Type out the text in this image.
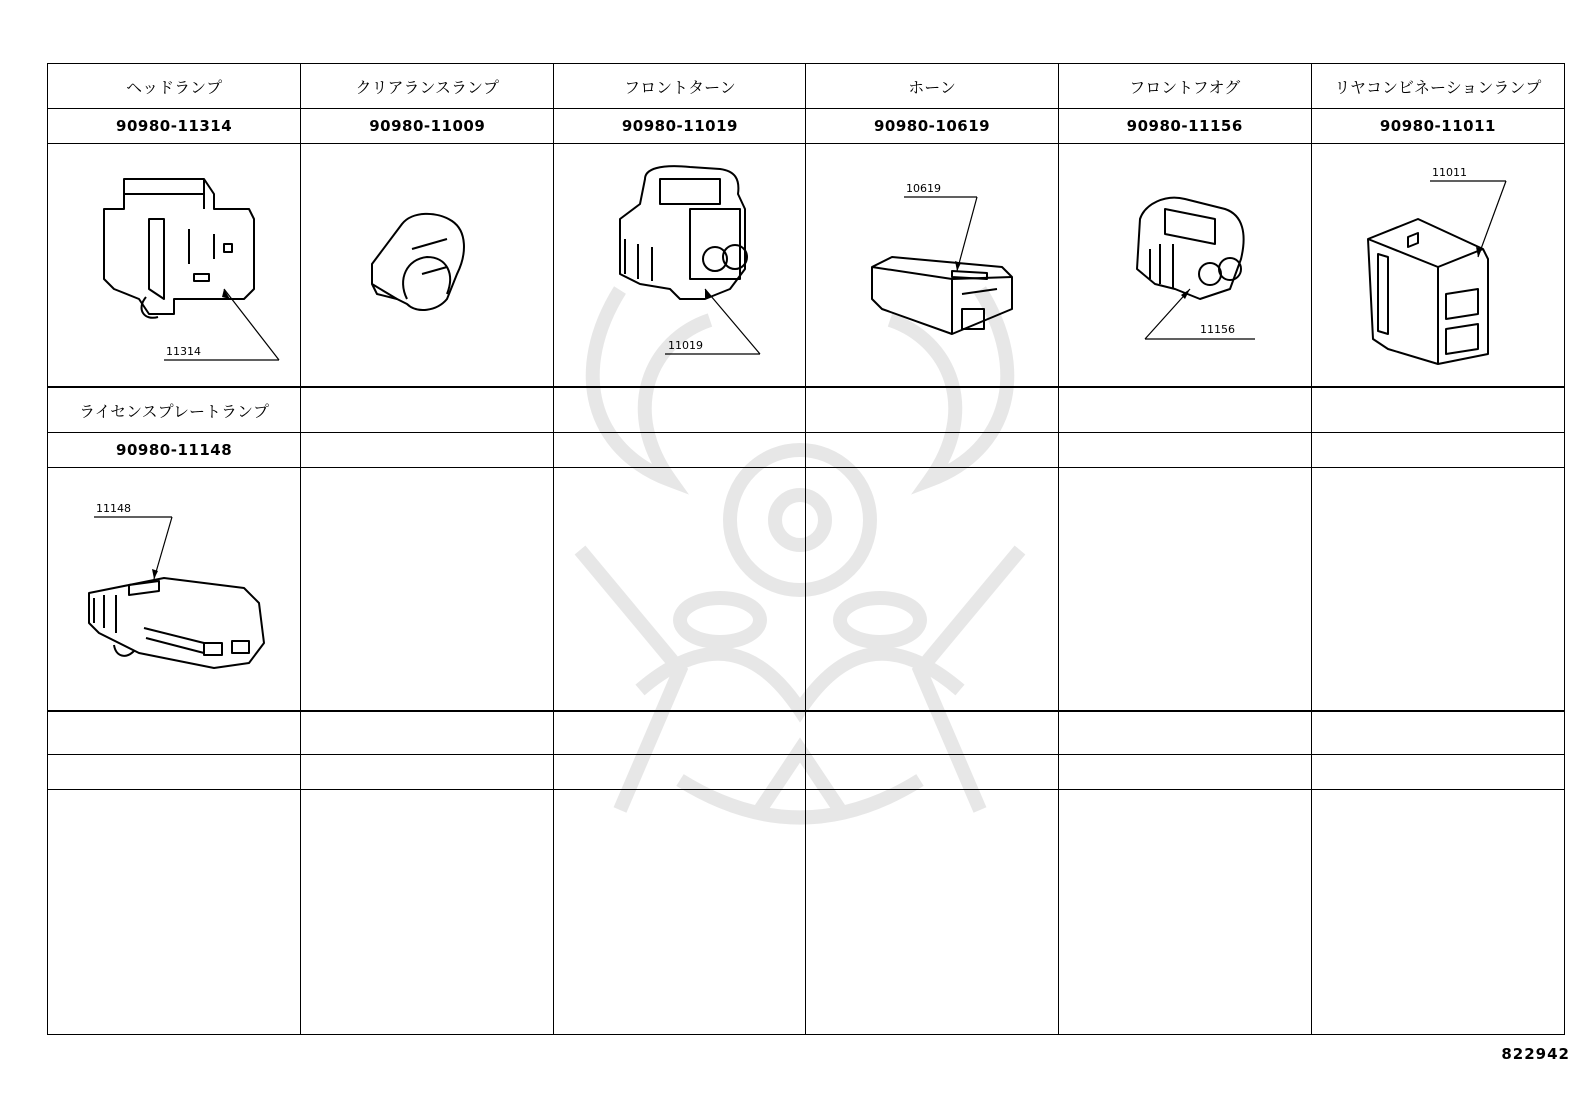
ヘッドランプ	クリアランスランプ	フロントターン	ホーン	フロントフオグ	リヤコンビネーションランプ
90980-11314	90980-11009	90980-11019	90980-10619	90980-11156	90980-11011

11314		11019	10619	11156	11011

ライセンスプレートランプ					
90980-11148					

11148					

822942
